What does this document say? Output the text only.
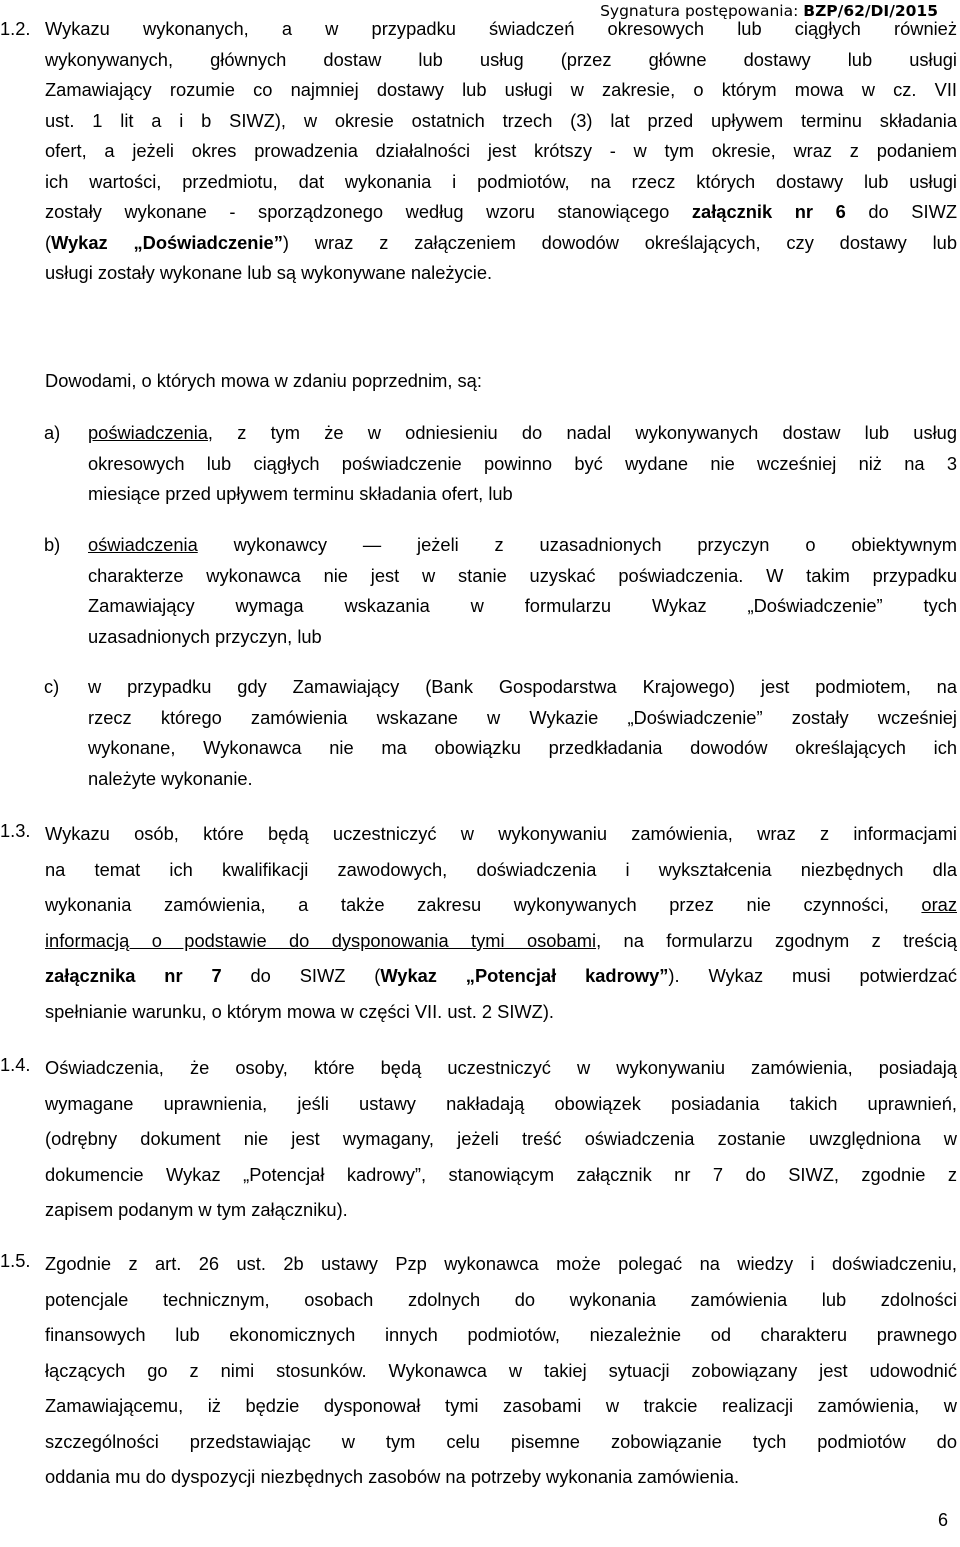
Sygnatura postępowania: BZP/62/DI/2015
1.2. Wykazu wykonanych, a w przypadku świadczeń okresowych lub ciągłych również
wykonywanych, głównych dostaw lub usług (przez główne dostawy lub usługi
Zamawiający rozumie co najmniej dostawy lub usługi w zakresie, o którym mowa w cz. VII
ust. 1 lit a i b SIWZ), w okresie ostatnich trzech (3) lat przed upływem terminu składania
ofert, a jeżeli okres prowadzenia działalności jest krótszy - w tym okresie, wraz z podaniem
ich wartości, przedmiotu, dat wykonania i podmiotów, na rzecz których dostawy lub usługi
zostały wykonane - sporządzonego według wzoru stanowiącego załącznik nr 6 do SIWZ
(Wykaz „Doświadczenie”) wraz z załączeniem dowodów określających, czy dostawy lub
usługi zostały wykonane lub są wykonywane należycie.
Dowodami, o których mowa w zdaniu poprzednim, są:
a) poświadczenia, z tym że w odniesieniu do nadal wykonywanych dostaw lub usług
okresowych lub ciągłych poświadczenie powinno być wydane nie wcześniej niż na 3
miesiące przed upływem terminu składania ofert, lub
b) oświadczenia wykonawcy — jeżeli z uzasadnionych przyczyn o obiektywnym
charakterze wykonawca nie jest w stanie uzyskać poświadczenia. W takim przypadku
Zamawiający wymaga wskazania w formularzu Wykaz „Doświadczenie” tych
uzasadnionych przyczyn, lub
c) w przypadku gdy Zamawiający (Bank Gospodarstwa Krajowego) jest podmiotem, na
rzecz którego zamówienia wskazane w Wykazie „Doświadczenie” zostały wcześniej
wykonane, Wykonawca nie ma obowiązku przedkładania dowodów określających ich
należyte wykonanie.
1.3. Wykazu osób, które będą uczestniczyć w wykonywaniu zamówienia, wraz z informacjami
na temat ich kwalifikacji zawodowych, doświadczenia i wykształcenia niezbędnych dla
wykonania zamówienia, a także zakresu wykonywanych przez nie czynności, oraz
informacją o podstawie do dysponowania tymi osobami, na formularzu zgodnym z treścią
załącznika nr 7 do SIWZ (Wykaz „Potencjał kadrowy”). Wykaz musi potwierdzać
spełnianie warunku, o którym mowa w części VII. ust. 2 SIWZ).
1.4. Oświadczenia, że osoby, które będą uczestniczyć w wykonywaniu zamówienia, posiadają
wymagane uprawnienia, jeśli ustawy nakładają obowiązek posiadania takich uprawnień,
(odrębny dokument nie jest wymagany, jeżeli treść oświadczenia zostanie uwzględniona w
dokumencie Wykaz „Potencjał kadrowy”, stanowiącym załącznik nr 7 do SIWZ, zgodnie z
zapisem podanym w tym załączniku).
1.5. Zgodnie z art. 26 ust. 2b ustawy Pzp wykonawca może polegać na wiedzy i doświadczeniu,
potencjale technicznym, osobach zdolnych do wykonania zamówienia lub zdolności
finansowych lub ekonomicznych innych podmiotów, niezależnie od charakteru prawnego
łączących go z nimi stosunków. Wykonawca w takiej sytuacji zobowiązany jest udowodnić
Zamawiającemu, iż będzie dysponował tymi zasobami w trakcie realizacji zamówienia, w
szczególności przedstawiając w tym celu pisemne zobowiązanie tych podmiotów do
oddania mu do dyspozycji niezbędnych zasobów na potrzeby wykonania zamówienia.
6
